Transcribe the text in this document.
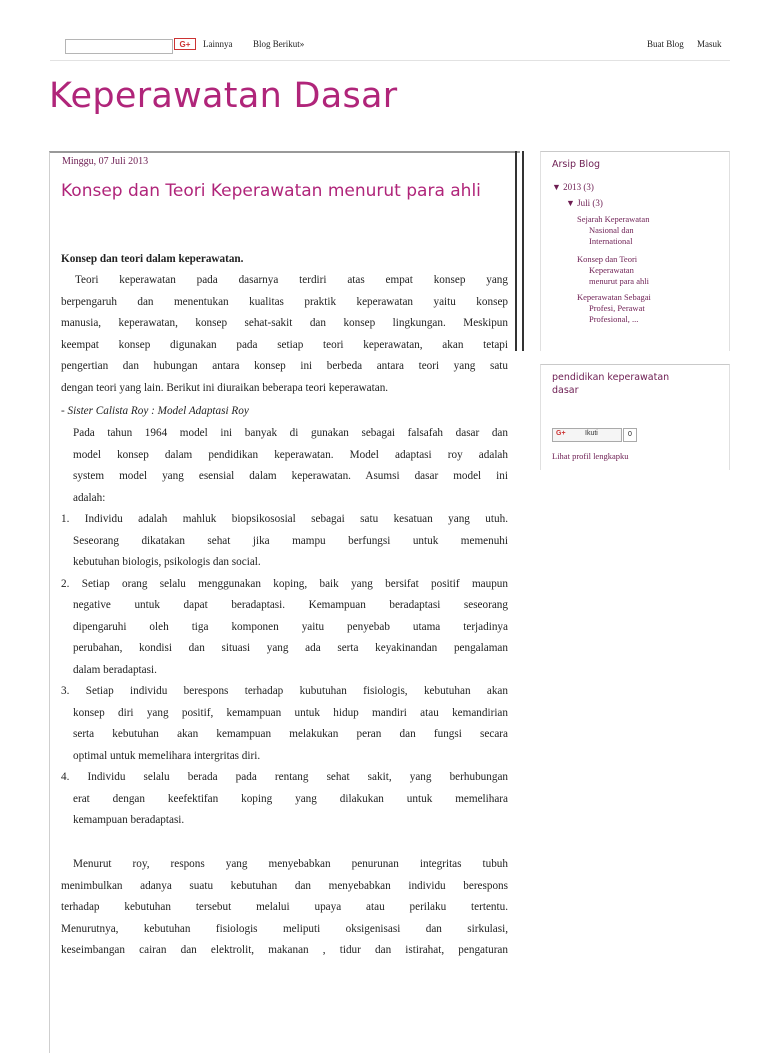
G+	Lainnya Blog Berikut»	Buat Blog Masuk
Keperawatan Dasar
Minggu, 07 Juli 2013
Konsep dan Teori Keperawatan menurut para ahli
Konsep dan teori dalam keperawatan.
Teori keperawatan pada dasarnya terdiri atas empat konsep yang
berpengaruh dan menentukan kualitas praktik keperawatan yaitu konsep
manusia, keperawatan, konsep sehat-sakit dan konsep lingkungan. Meskipun
keempat konsep digunakan pada setiap teori keperawatan, akan tetapi
pengertian dan hubungan antara konsep ini berbeda antara teori yang satu
dengan teori yang lain. Berikut ini diuraikan beberapa teori keperawatan.
- Sister Calista Roy : Model Adaptasi Roy
Pada tahun 1964 model ini banyak di gunakan sebagai falsafah dasar dan
model konsep dalam pendidikan keperawatan. Model adaptasi roy adalah
system model yang esensial dalam keperawatan. Asumsi dasar model ini
adalah:
1. Individu adalah mahluk biopsikososial sebagai satu kesatuan yang utuh.
Seseorang dikatakan sehat jika mampu berfungsi untuk memenuhi
kebutuhan biologis, psikologis dan social.
2. Setiap orang selalu menggunakan koping, baik yang bersifat positif maupun
negative untuk dapat beradaptasi. Kemampuan beradaptasi seseorang
dipengaruhi oleh tiga komponen yaitu penyebab utama terjadinya
perubahan, kondisi dan situasi yang ada serta keyakinandan pengalaman
dalam beradaptasi.
3. Setiap individu berespons terhadap kubutuhan fisiologis, kebutuhan akan
konsep diri yang positif, kemampuan untuk hidup mandiri atau kemandirian
serta kebutuhan akan kemampuan melakukan peran dan fungsi secara
optimal untuk memelihara intergritas diri.
4. Individu selalu berada pada rentang sehat sakit, yang berhubungan
erat dengan keefektifan koping yang dilakukan untuk memelihara
kemampuan beradaptasi.
Menurut roy, respons yang menyebabkan penurunan integritas tubuh
menimbulkan adanya suatu kebutuhan dan menyebabkan individu berespons
terhadap kebutuhan tersebut melalui upaya atau perilaku tertentu.
Menurutnya, kebutuhan fisiologis meliputi oksigenisasi dan sirkulasi,
keseimbangan cairan dan elektrolit, makanan , tidur dan istirahat, pengaturan
Arsip Blog
▼ 2013 (3)
▼ Juli (3)
Sejarah Keperawatan
Nasional dan
International
Konsep dan Teori
Keperawatan
menurut para ahli
Keperawatan Sebagai
Profesi, Perawat
Profesional, ...
pendidikan keperawatan
dasar
G+	Ikuti	0
Lihat profil lengkapku
